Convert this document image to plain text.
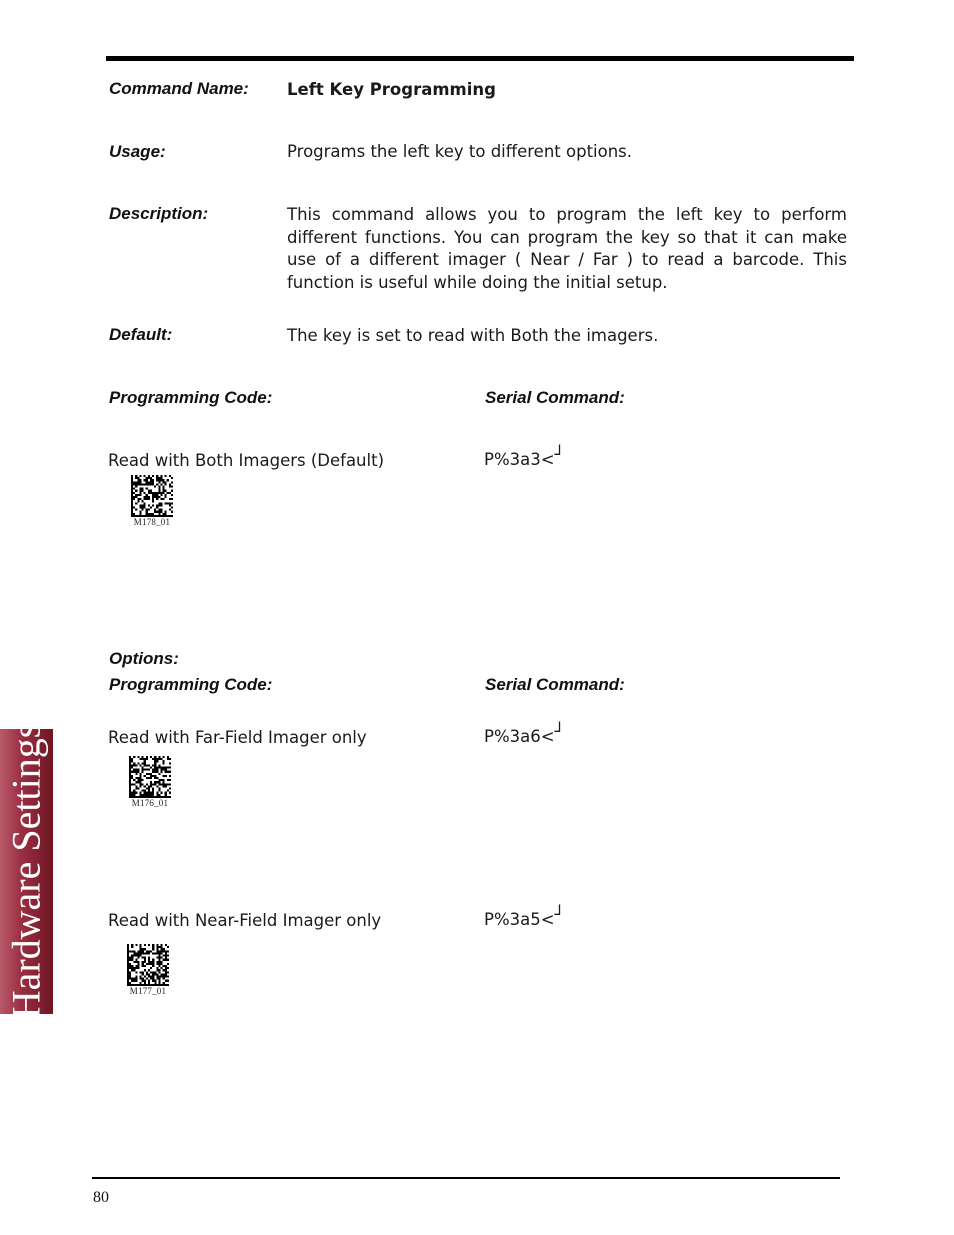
Command Name: Left Key Programming
Usage:	Programs the left key to different options.
Description:	This command allows you to program the left key to perform different functions. You can program the key so that it can make use of a different imager ( Near / Far ) to read a barcode. This function is useful while doing the initial setup.
Default:	The key is set to read with Both the imagers.
Programming Code:	Serial Command:
Read with Both Imagers (Default)	P%3a3<┘
M178_01
Options:
Programming Code:	Serial Command:
Read with Far-Field Imager only	P%3a6<┘
M176_01
Read with Near-Field Imager only	P%3a5<┘
M177_01
Hardware Settings
80
